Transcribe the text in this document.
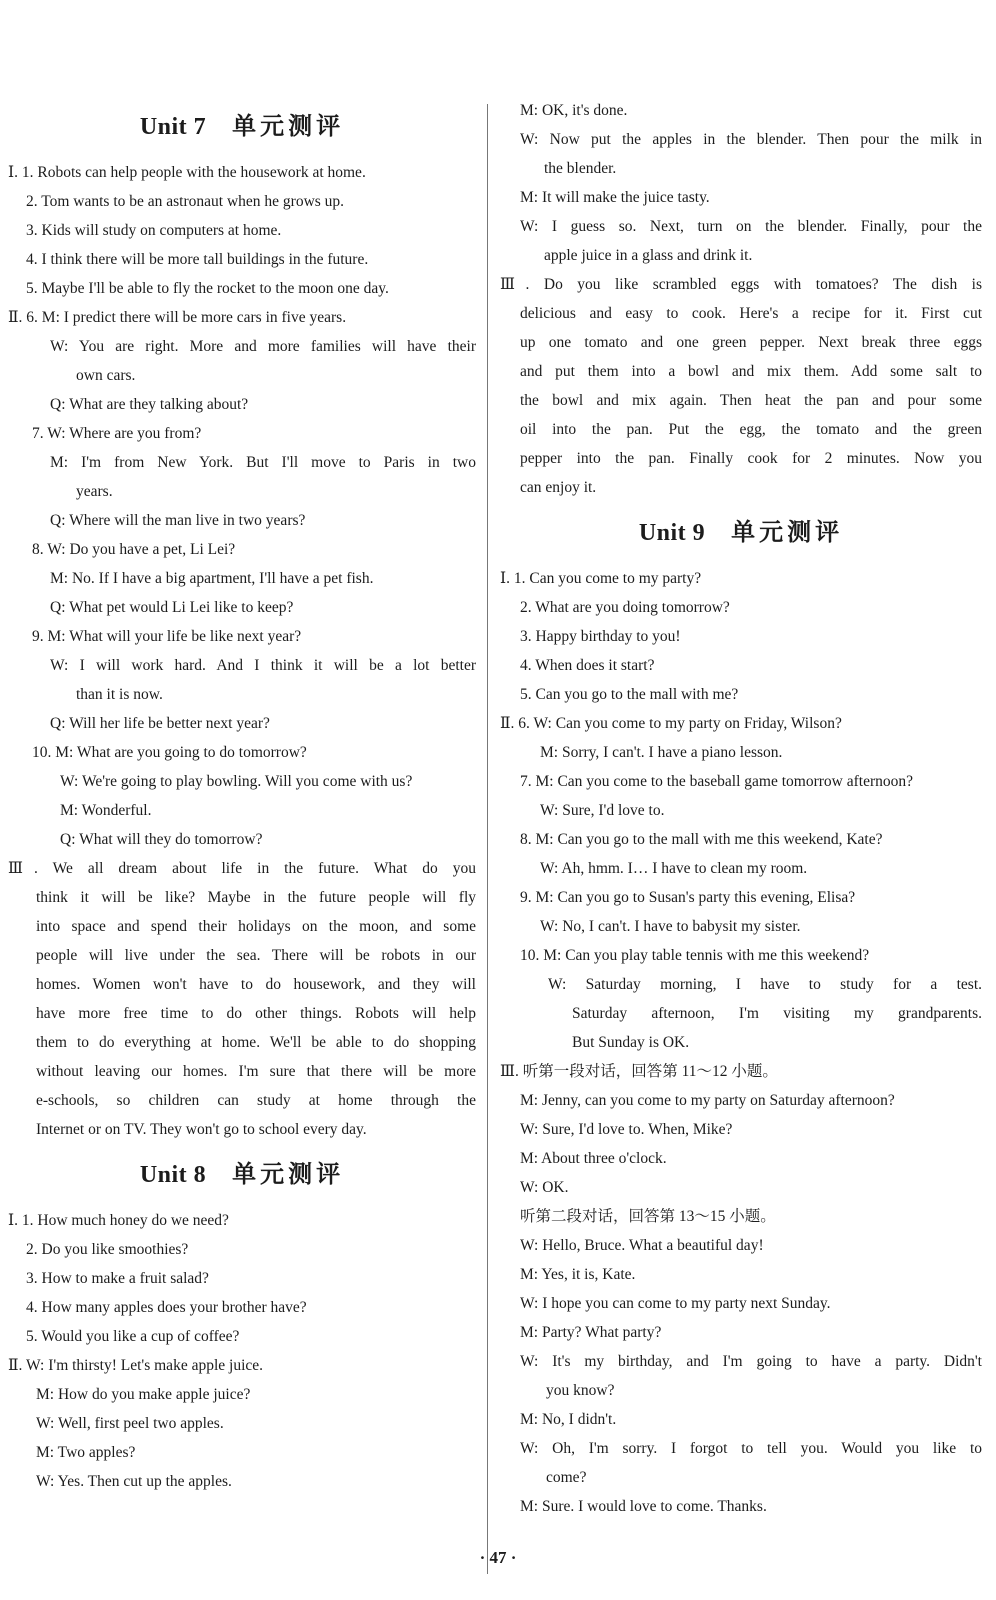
Unit 7 单元测评
Ⅰ. 1. Robots can help people with the housework at home.
2. Tom wants to be an astronaut when he grows up.
3. Kids will study on computers at home.
4. I think there will be more tall buildings in the future.
5. Maybe I'll be able to fly the rocket to the moon one day.
Ⅱ. 6. M: I predict there will be more cars in five years.
W: You are right. More and more families will have their
own cars.
Q: What are they talking about?
7. W: Where are you from?
M: I'm from New York. But I'll move to Paris in two
years.
Q: Where will the man live in two years?
8. W: Do you have a pet, Li Lei?
M: No. If I have a big apartment, I'll have a pet fish.
Q: What pet would Li Lei like to keep?
9. M: What will your life be like next year?
W: I will work hard. And I think it will be a lot better
than it is now.
Q: Will her life be better next year?
10. M: What are you going to do tomorrow?
W: We're going to play bowling. Will you come with us?
M: Wonderful.
Q: What will they do tomorrow?
Ⅲ. We all dream about life in the future. What do you
think it will be like? Maybe in the future people will fly
into space and spend their holidays on the moon, and some
people will live under the sea. There will be robots in our
homes. Women won't have to do housework, and they will
have more free time to do other things. Robots will help
them to do everything at home. We'll be able to do shopping
without leaving our homes. I'm sure that there will be more
e-schools, so children can study at home through the
Internet or on TV. They won't go to school every day.
Unit 8 单元测评
Ⅰ. 1. How much honey do we need?
2. Do you like smoothies?
3. How to make a fruit salad?
4. How many apples does your brother have?
5. Would you like a cup of coffee?
Ⅱ. W: I'm thirsty! Let's make apple juice.
M: How do you make apple juice?
W: Well, first peel two apples.
M: Two apples?
W: Yes. Then cut up the apples.
M: OK, it's done.
W: Now put the apples in the blender. Then pour the milk in
the blender.
M: It will make the juice tasty.
W: I guess so. Next, turn on the blender. Finally, pour the
apple juice in a glass and drink it.
Ⅲ. Do you like scrambled eggs with tomatoes? The dish is
delicious and easy to cook. Here's a recipe for it. First cut
up one tomato and one green pepper. Next break three eggs
and put them into a bowl and mix them. Add some salt to
the bowl and mix again. Then heat the pan and pour some
oil into the pan. Put the egg, the tomato and the green
pepper into the pan. Finally cook for 2 minutes. Now you
can enjoy it.
Unit 9 单元测评
Ⅰ. 1. Can you come to my party?
2. What are you doing tomorrow?
3. Happy birthday to you!
4. When does it start?
5. Can you go to the mall with me?
Ⅱ. 6. W: Can you come to my party on Friday, Wilson?
M: Sorry, I can't. I have a piano lesson.
7. M: Can you come to the baseball game tomorrow afternoon?
W: Sure, I'd love to.
8. M: Can you go to the mall with me this weekend, Kate?
W: Ah, hmm. I… I have to clean my room.
9. M: Can you go to Susan's party this evening, Elisa?
W: No, I can't. I have to babysit my sister.
10. M: Can you play table tennis with me this weekend?
W: Saturday morning, I have to study for a test.
Saturday afternoon, I'm visiting my grandparents.
But Sunday is OK.
Ⅲ. 听第一段对话，回答第 11～12 小题。
M: Jenny, can you come to my party on Saturday afternoon?
W: Sure, I'd love to. When, Mike?
M: About three o'clock.
W: OK.
听第二段对话，回答第 13～15 小题。
W: Hello, Bruce. What a beautiful day!
M: Yes, it is, Kate.
W: I hope you can come to my party next Sunday.
M: Party? What party?
W: It's my birthday, and I'm going to have a party. Didn't
you know?
M: No, I didn't.
W: Oh, I'm sorry. I forgot to tell you. Would you like to
come?
M: Sure. I would love to come. Thanks.
· 47 ·
